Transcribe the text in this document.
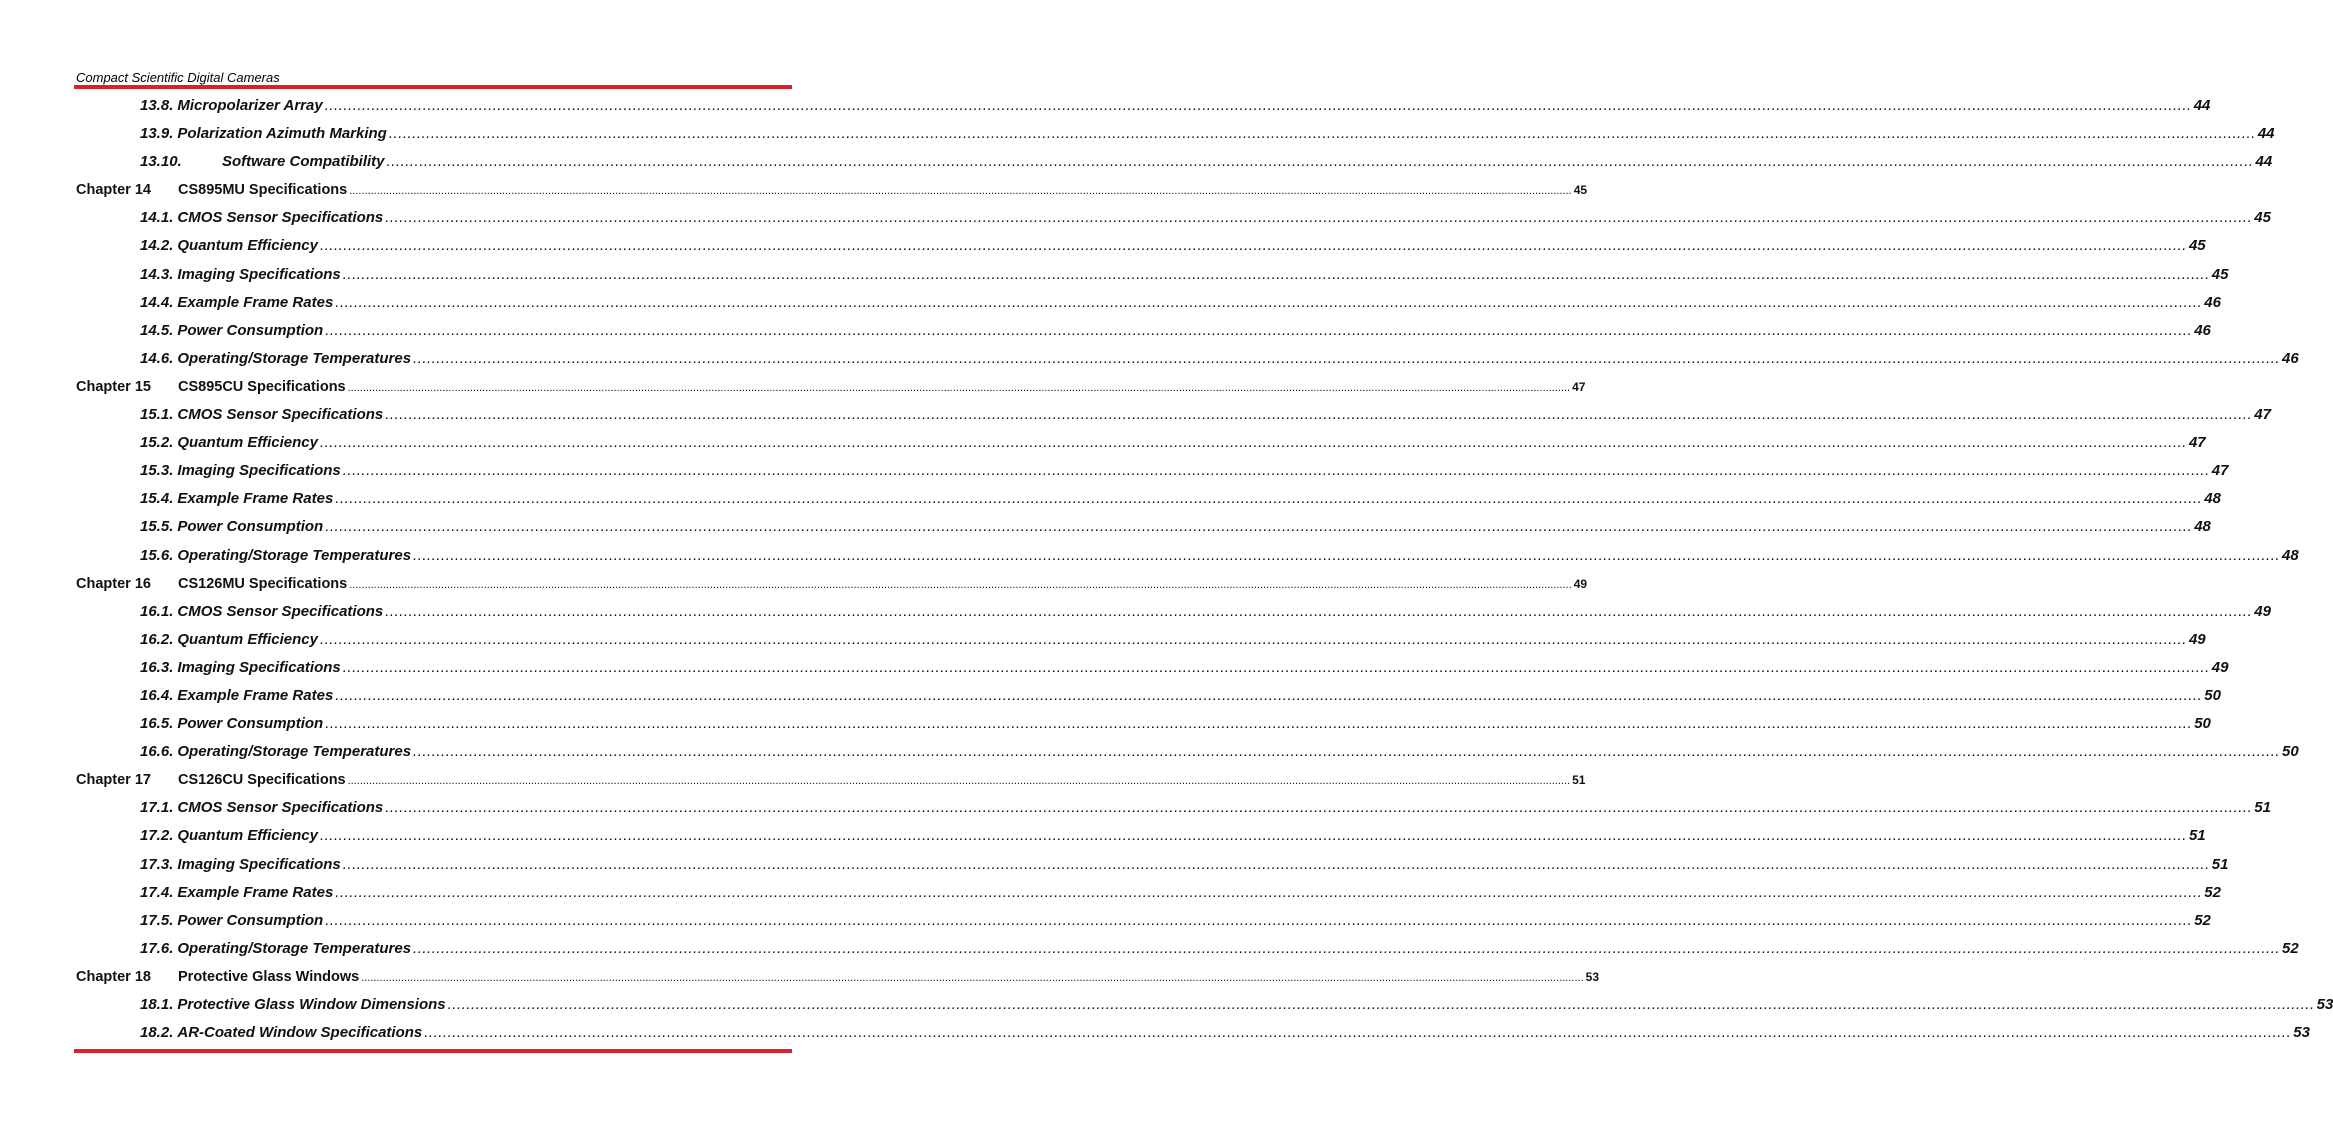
Compact Scientific Digital Cameras
13.8. Micropolarizer Array ................................................................................................................................................................................................................................................................................................................................................................................................................ 44
13.9. Polarization Azimuth Marking ................................................................................................................................................................................................................................................................................................................................................................................................................ 44
13.10.	Software Compatibility ................................................................................................................................................................................................................................................................................................................................................................................................................ 44
Chapter 14	CS895MU Specifications ................................................................................................................................................................................................................................................................................................................................................................................................................ 45
14.1. CMOS Sensor Specifications ................................................................................................................................................................................................................................................................................................................................................................................................................ 45
14.2. Quantum Efficiency ................................................................................................................................................................................................................................................................................................................................................................................................................ 45
14.3. Imaging Specifications ................................................................................................................................................................................................................................................................................................................................................................................................................ 45
14.4. Example Frame Rates ................................................................................................................................................................................................................................................................................................................................................................................................................ 46
14.5. Power Consumption ................................................................................................................................................................................................................................................................................................................................................................................................................ 46
14.6. Operating/Storage Temperatures ................................................................................................................................................................................................................................................................................................................................................................................................................ 46
Chapter 15	CS895CU Specifications ................................................................................................................................................................................................................................................................................................................................................................................................................ 47
15.1. CMOS Sensor Specifications ................................................................................................................................................................................................................................................................................................................................................................................................................ 47
15.2. Quantum Efficiency ................................................................................................................................................................................................................................................................................................................................................................................................................ 47
15.3. Imaging Specifications ................................................................................................................................................................................................................................................................................................................................................................................................................ 47
15.4. Example Frame Rates ................................................................................................................................................................................................................................................................................................................................................................................................................ 48
15.5. Power Consumption ................................................................................................................................................................................................................................................................................................................................................................................................................ 48
15.6. Operating/Storage Temperatures ................................................................................................................................................................................................................................................................................................................................................................................................................ 48
Chapter 16	CS126MU Specifications ................................................................................................................................................................................................................................................................................................................................................................................................................ 49
16.1. CMOS Sensor Specifications ................................................................................................................................................................................................................................................................................................................................................................................................................ 49
16.2. Quantum Efficiency ................................................................................................................................................................................................................................................................................................................................................................................................................ 49
16.3. Imaging Specifications ................................................................................................................................................................................................................................................................................................................................................................................................................ 49
16.4. Example Frame Rates ................................................................................................................................................................................................................................................................................................................................................................................................................ 50
16.5. Power Consumption ................................................................................................................................................................................................................................................................................................................................................................................................................ 50
16.6. Operating/Storage Temperatures ................................................................................................................................................................................................................................................................................................................................................................................................................ 50
Chapter 17	CS126CU Specifications ................................................................................................................................................................................................................................................................................................................................................................................................................ 51
17.1. CMOS Sensor Specifications ................................................................................................................................................................................................................................................................................................................................................................................................................ 51
17.2. Quantum Efficiency ................................................................................................................................................................................................................................................................................................................................................................................................................ 51
17.3. Imaging Specifications ................................................................................................................................................................................................................................................................................................................................................................................................................ 51
17.4. Example Frame Rates ................................................................................................................................................................................................................................................................................................................................................................................................................ 52
17.5. Power Consumption ................................................................................................................................................................................................................................................................................................................................................................................................................ 52
17.6. Operating/Storage Temperatures ................................................................................................................................................................................................................................................................................................................................................................................................................ 52
Chapter 18	Protective Glass Windows ................................................................................................................................................................................................................................................................................................................................................................................................................ 53
18.1. Protective Glass Window Dimensions ................................................................................................................................................................................................................................................................................................................................................................................................................ 53
18.2. AR-Coated Window Specifications ................................................................................................................................................................................................................................................................................................................................................................................................................ 53
